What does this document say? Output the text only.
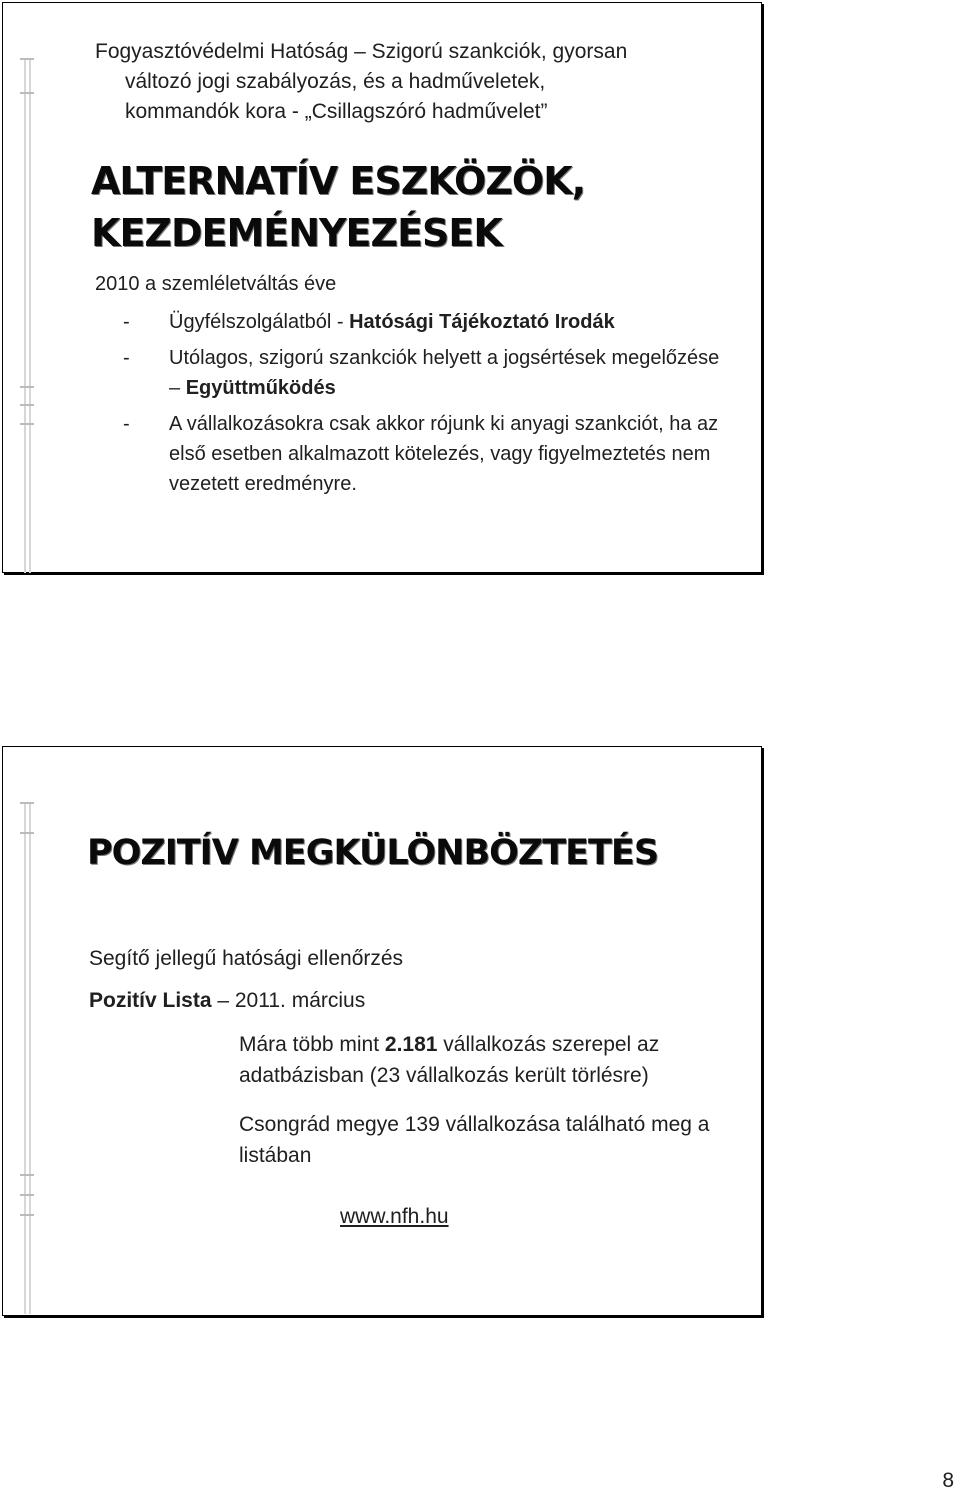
Fogyasztóvédelmi Hatóság – Szigorú szankciók, gyorsan
változó jogi szabályozás, és a hadműveletek,
kommandók kora - „Csillagszóró hadművelet”
ALTERNATÍV ESZKÖZÖK,
KEZDEMÉNYEZÉSEK
2010 a szemléletváltás éve
- Ügyfélszolgálatból - Hatósági Tájékoztató Irodák
- Utólagos, szigorú szankciók helyett a jogsértések megelőzése – Együttműködés
- A vállalkozásokra csak akkor rójunk ki anyagi szankciót, ha az első esetben alkalmazott kötelezés, vagy figyelmeztetés nem vezetett eredményre.
POZITÍV MEGKÜLÖNBÖZTETÉS
Segítő jellegű hatósági ellenőrzés
Pozitív Lista – 2011. március
Mára több mint 2.181 vállalkozás szerepel az adatbázisban (23 vállalkozás került törlésre)
Csongrád megye 139 vállalkozása található meg a listában
www.nfh.hu
8
